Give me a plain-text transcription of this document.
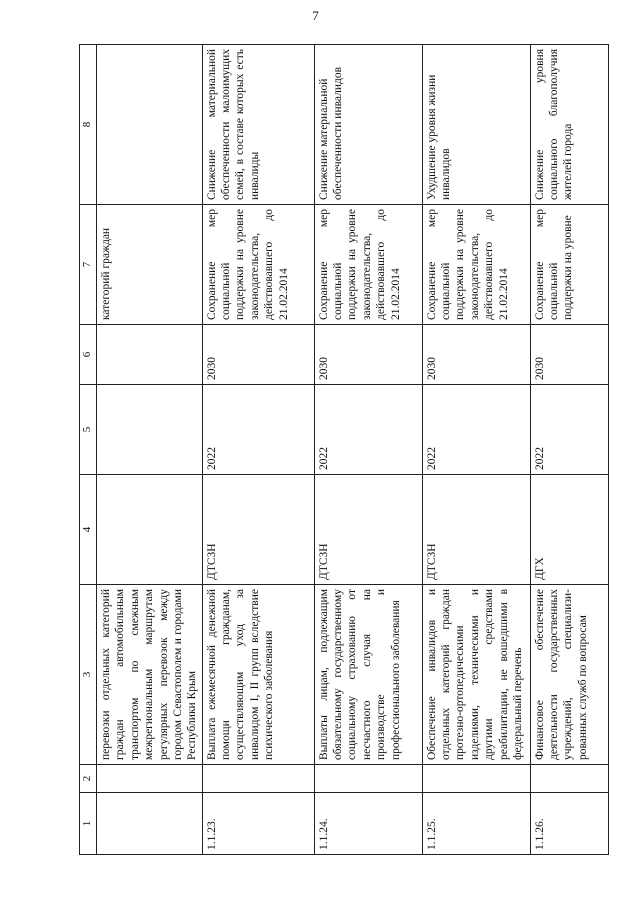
7
1	2	3	4	5	6	7	8
		перевозки отдельных категорий граждан автомобильным транспортом по смежным межрегиональным маршрутам регулярных перевозок между городом Севастополем и городами Республики Крым				категорий граждан	
1.1.23.		Выплата ежемесячной денежной помощи гражданам, осуществляющим уход за инвалидом I, II групп вследствие психического заболевания	ДТСЗН	2022	2030	Сохранение мер социальной поддержки на уровне законодательства, действовавшего до 21.02.2014	Снижение материальной обеспеченности малоимущих семей, в составе которых есть инвалиды
1.1.24.		Выплаты лицам, подлежащим обязательному государственному социальному страхованию от несчастного случая на производстве и профессионального заболевания	ДТСЗН	2022	2030	Сохранение мер социальной поддержки на уровне законодательства, действовавшего до 21.02.2014	Снижение материальной обеспеченности инвалидов
1.1.25.		Обеспечение инвалидов и отдельных категорий граждан протезно-ортопедическими изделиями, техническими и другими средствами реабилитации, не вошедшими в федеральный перечень	ДТСЗН	2022	2030	Сохранение мер социальной поддержки на уровне законодательства, действовавшего до 21.02.2014	Ухудшение уровня жизни инвалидов
1.1.26.		Финансовое обеспечение деятельности государственных учреждений, специализи-рованных служб по вопросам	ДГХ	2022	2030	Сохранение мер социальной поддержки на уровне	Снижение уровня социального благополучия жителей города
